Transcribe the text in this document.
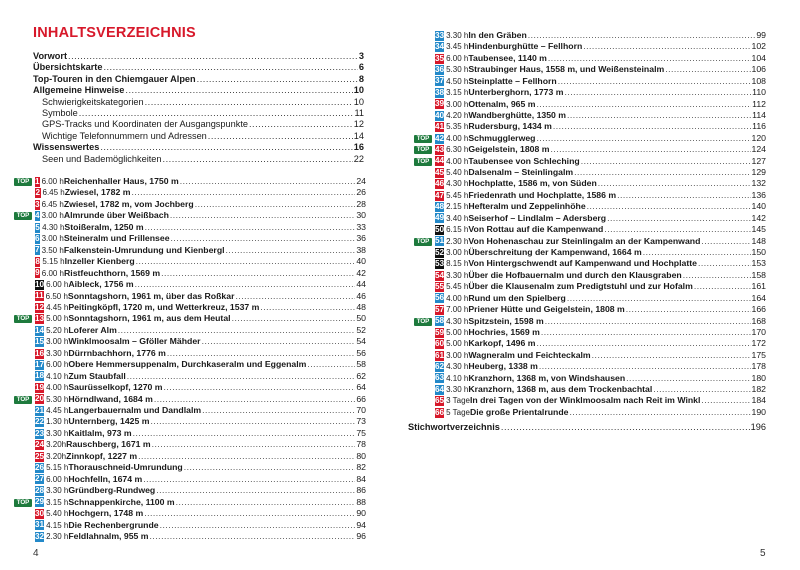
INHALTSVERZEICHNIS
Vorwort .....	3
Übersichtskarte .....	6
Top-Touren in den Chiemgauer Alpen .....	8
Allgemeine Hinweise .....	10
Schwierigkeitskategorien .....	10
Symbole .....	11
GPS-Tracks und Koordinaten der Ausgangspunkte .....	12
Wichtige Telefonnummern und Adressen .....	14
Wissenswertes .....	16
Seen und Bademöglichkeiten .....	22
TOP 1 6.00 h Reichenhaller Haus, 1750 m .....	24
2 6.45 h Zwiesel, 1782 m .....	26
3 6.45 h Zwiesel, 1782 m, vom Jochberg .....	28
TOP 4 3.00 h Almrunde über Weißbach .....	30
5 4.30 h Stoißeralm, 1250 m .....	33
6 3.00 h Steineralm und Frillensee .....	36
7 3.50 h Falkenstein-Umrundung und Kienbergl .....	38
8 5.15 h Inzeller Kienberg .....	40
9 6.00 h Ristfeuchthorn, 1569 m .....	42
10 6.00 h Aibleck, 1756 m .....	44
11 6.50 h Sonntagshorn, 1961 m, über das Roßkar .....	46
12 4.45 h Peitingköpfl, 1720 m, und Wetterkreuz, 1537 m .....	48
TOP 13 5.00 h Sonntagshorn, 1961 m, aus dem Heutal .....	50
14 5.20 h Loferer Alm .....	52
15 3.00 h Winklmoosalm – Gföller Mähder .....	54
16 3.30 h Dürrnbachhorn, 1776 m .....	56
17 6.00 h Obere Hemmersuppenalm, Durchkaseralm und Eggenalm .....	58
18 4.10 h Zum Staubfall .....	62
19 4.00 h Saurüsselkopf, 1270 m .....	64
TOP 20 5.30 h Hörndlwand, 1684 m .....	66
21 4.45 h Langerbauernalm und Dandlalm .....	70
22 1.30 h Unternberg, 1425 m .....	73
23 3.30 h Kaitlalm, 973 m .....	75
24 3.20h Rauschberg, 1671 m .....	78
25 3.20h Zinnkopf, 1227 m .....	80
26 5.15 h Thorauschneid-Umrundung .....	82
27 6.00 h Hochfelln, 1674 m .....	84
28 3.30 h Gründberg-Rundweg .....	86
TOP 29 3.15 h Schnappenkirche, 1100 m .....	88
30 5.40 h Hochgern, 1748 m .....	90
31 4.15 h Die Rechenbergrunde .....	94
32 2.30 h Feldlahnalm, 955 m .....	96
4
33 3.30 h In den Gräben .....	99
34 3.45 h Hindenburghütte – Fellhorn .....	102
35 6.00 h Taubensee, 1140 m .....	104
36 5.30 h Straubinger Haus, 1558 m, und Weißensteinalm .....	106
37 4.50 h Steinplatte – Fellhorn .....	108
38 3.15 h Unterberghorn, 1773 m .....	110
39 3.00 h Ottenalm, 965 m .....	112
40 4.20 h Wandberghütte, 1350 m .....	114
41 5.35 h Rudersburg, 1434 m .....	116
TOP 42 4.00 h Schmugglerweg .....	120
TOP 43 6.30 h Geigelstein, 1808 m .....	124
TOP 44 4.00 h Taubensee von Schleching .....	127
45 5.40 h Dalsenalm – Steinlingalm .....	129
46 4.30 h Hochplatte, 1586 m, von Süden .....	132
47 5.45 h Friedenrath und Hochplatte, 1586 m .....	136
48 2.15 h Hefteralm und Zeppelinhöhe .....	140
49 3.40 h Seiserhof – Lindlalm – Adersberg .....	142
50 6.15 h Von Rottau auf die Kampenwand .....	145
TOP 51 2.30 h Von Hohenaschau zur Steinlingalm an der Kampenwand .....	148
52 3.00 h Überschreitung der Kampenwand, 1664 m .....	150
53 8.15 h Von Hintergschwendt auf Kampenwand und Hochplatte .....	153
54 3.30 h Über die Hofbauernalm und durch den Klausgraben .....	158
55 5.45 h Über die Klausenalm zum Predigtstuhl und zur Hofalm .....	161
56 4.00 h Rund um den Spielberg .....	164
57 7.00 h Priener Hütte und Geigelstein, 1808 m .....	166
TOP 58 4.30 h Spitzstein, 1598 m .....	168
59 5.00 h Hochries, 1569 m .....	170
60 5.00 h Karkopf, 1496 m .....	172
61 3.00 h Wagneralm und Feichteckalm .....	175
62 4.30 h Heuberg, 1338 m .....	178
63 4.10 h Kranzhorn, 1368 m, von Windshausen .....	180
64 3.30 h Kranzhorn, 1368 m, aus dem Trockenbachtal .....	182
65 3 Tage In drei Tagen von der Winklmoosalm nach Reit im Winkl .....	184
66 5 Tage Die große Prientalrunde .....	190
Stichwortverzeichnis .....	196
5
